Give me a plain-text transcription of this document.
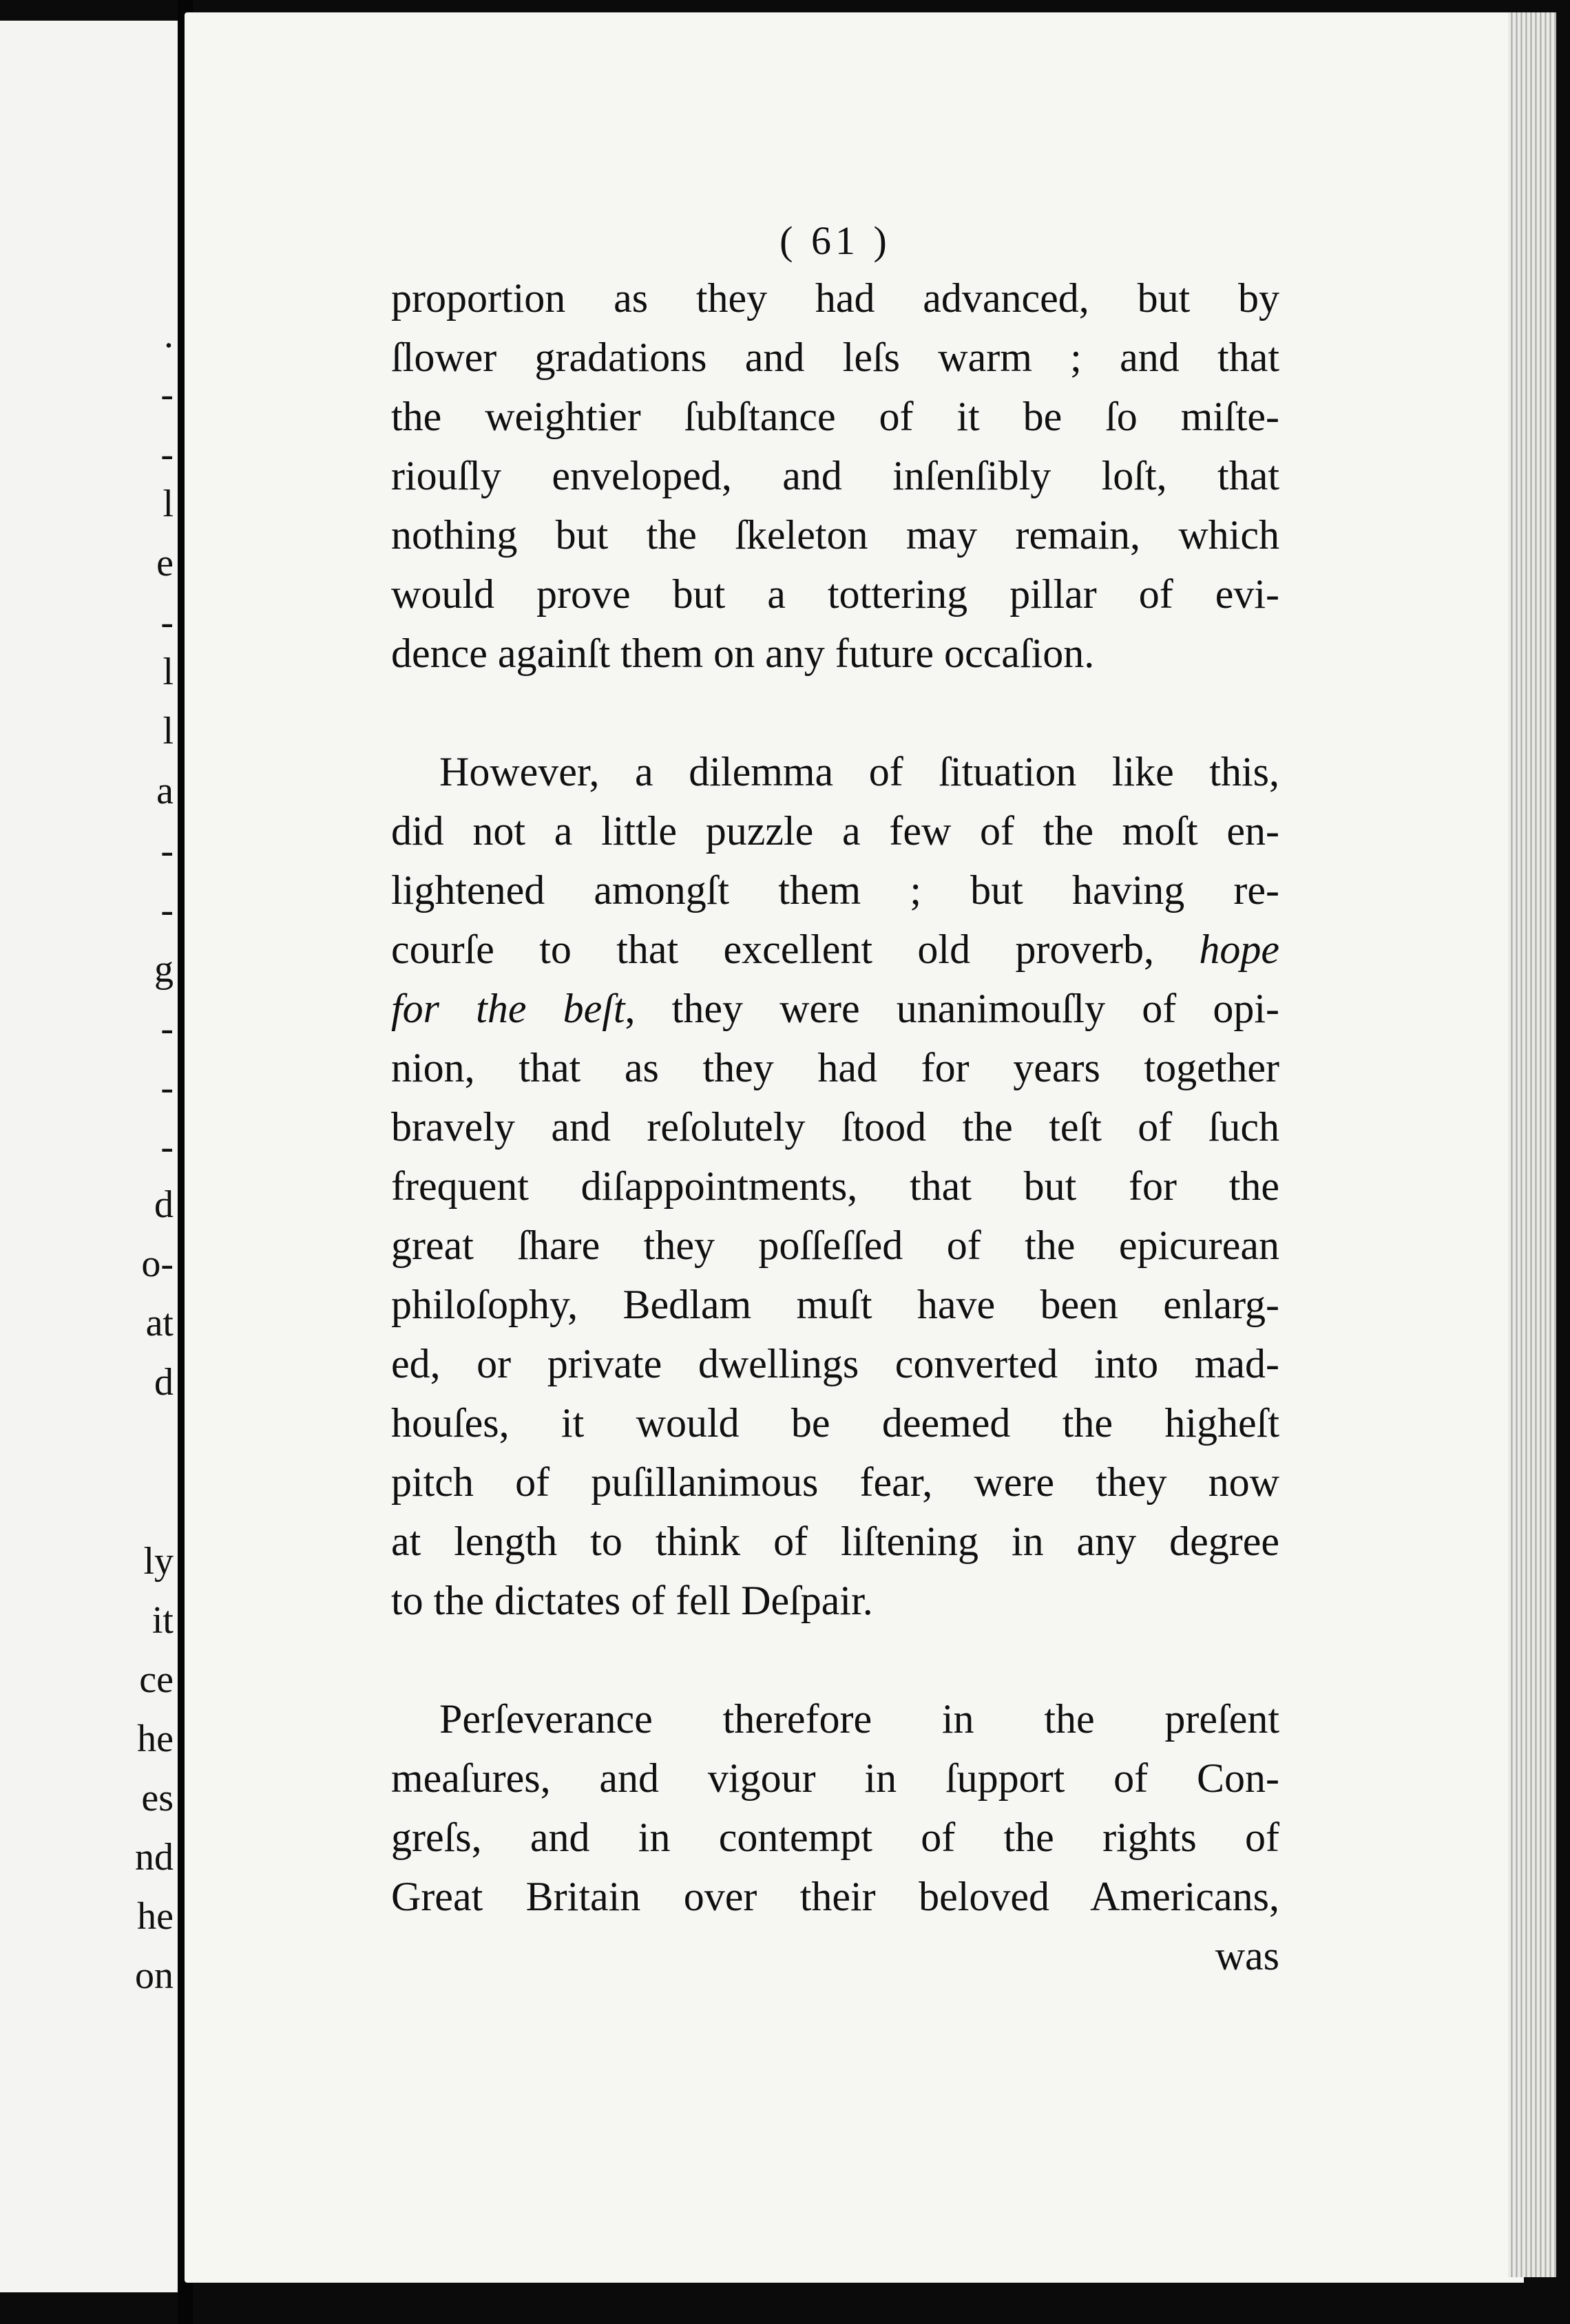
.
-
-
l
e
-
l
l
a
-
-
g
-
-
-
d
o-
at
d
ly
it
ce
he
es
nd
he
on
( 61 )
proportion as they had advanced, but by
ſlower gradations and leſs warm ; and that
the weightier ſubſtance of it be ſo miſte-
riouſly enveloped, and inſenſibly loſt, that
nothing but the ſkeleton may remain, which
would prove but a tottering pillar of evi-
dence againſt them on any future occaſion.
However, a dilemma of ſituation like this,
did not a little puzzle a few of the moſt en-
lightened amongſt them ; but having re-
courſe to that excellent old proverb, hope
for the beſt, they were unanimouſly of opi-
nion, that as they had for years together
bravely and reſolutely ſtood the teſt of ſuch
frequent diſappointments, that but for the
great ſhare they poſſeſſed of the epicurean
philoſophy, Bedlam muſt have been enlarg-
ed, or private dwellings converted into mad-
houſes, it would be deemed the higheſt
pitch of puſillanimous fear, were they now
at length to think of liſtening in any degree
to the dictates of fell Deſpair.
Perſeverance therefore in the preſent
meaſures, and vigour in ſupport of Con-
greſs, and in contempt of the rights of
Great Britain over their beloved Americans,
was
